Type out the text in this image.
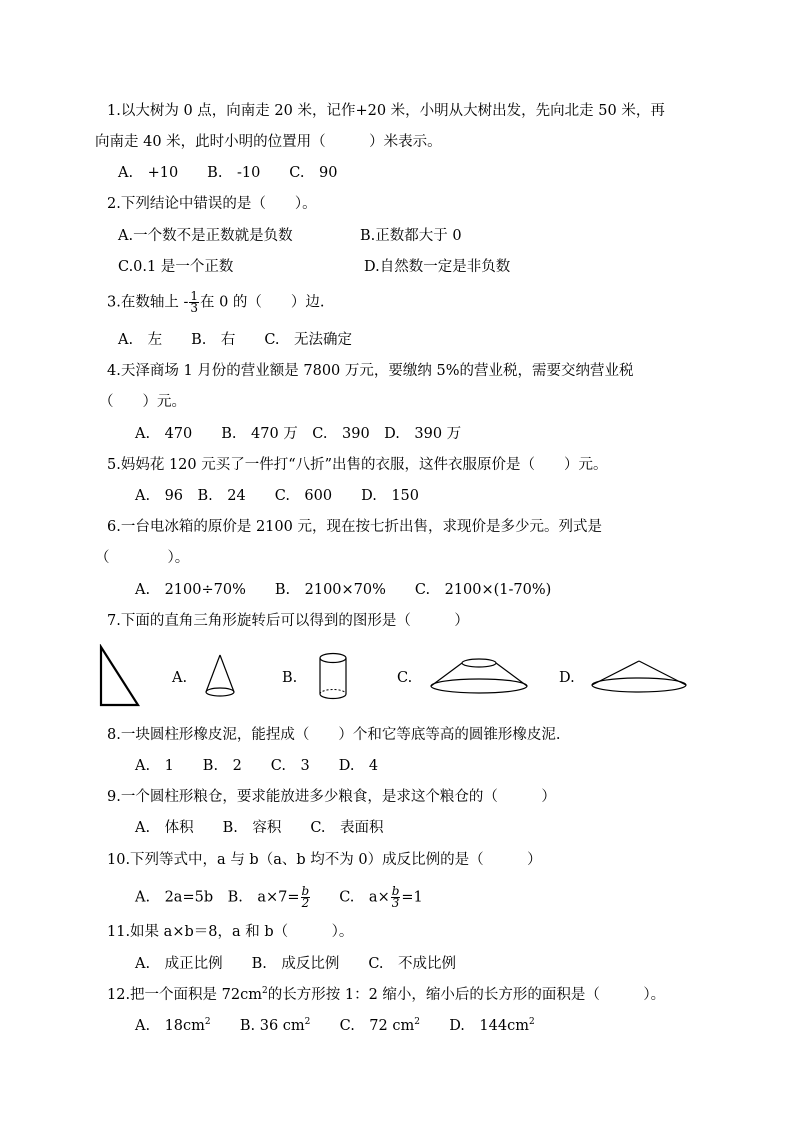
1.以大树为 0 点，向南走 20 米，记作+20 米，小明从大树出发，先向北走 50 米，再
向南走 40 米，此时小明的位置用（　　　）米表示。
A.　+10　　B.　-10　　C.　90
2.下列结论中错误的是（　　）。
A.一个数不是正数就是负数	B.正数都大于 0
C.0.1 是一个正数	D.自然数一定是非负数
3.在数轴上 - $\frac{1}{3}$ 在 0 的（　　）边.
A.　左　　B.　右　　C.　无法确定
4.天泽商场 1 月份的营业额是 7800 万元，要缴纳 5%的营业税，需要交纳营业税
（　　）元。
A.　470　　B.　470 万　C.　390　D.　390 万
5.妈妈花 120 元买了一件打“八折”出售的衣服，这件衣服原价是（　　）元。
A.　96　B.　24　　C.　600　　D.　150
6.一台电冰箱的原价是 2100 元，现在按七折出售，求现价是多少元。列式是
（　　　　）。
A.　2100÷70%　　B.　2100×70%　　C.　2100×(1-70%)
7.下面的直角三角形旋转后可以得到的图形是（　　　）
A.	B.	C.	D.
8.一块圆柱形橡皮泥，能捏成（　　）个和它等底等高的圆锥形橡皮泥.
A.　1　　B.　2　　C.　3　　D.　4
9.一个圆柱形粮仓，要求能放进多少粮食，是求这个粮仓的（　　　）
A.　体积　　B.　容积　　C.　表面积
10.下列等式中，a 与 b（a、b 均不为 0）成反比例的是（　　　）
A.　2a=5b　B.　$a\times 7= \frac{b}{2} C$.　$a\times \frac{b}{3} =1$
11.如果 a×b＝8，a 和 b（　　　）。
A.　成正比例　　B.　成反比例　　C.　不成比例
12.把一个面积是 $72cm^2$的长方形按 1：2 缩小，缩小后的长方形的面积是（　　　）。
A.　$18cm^2$ B. 36 $cm^2$ C.　72 $cm^2$ D.　$144cm^2$
